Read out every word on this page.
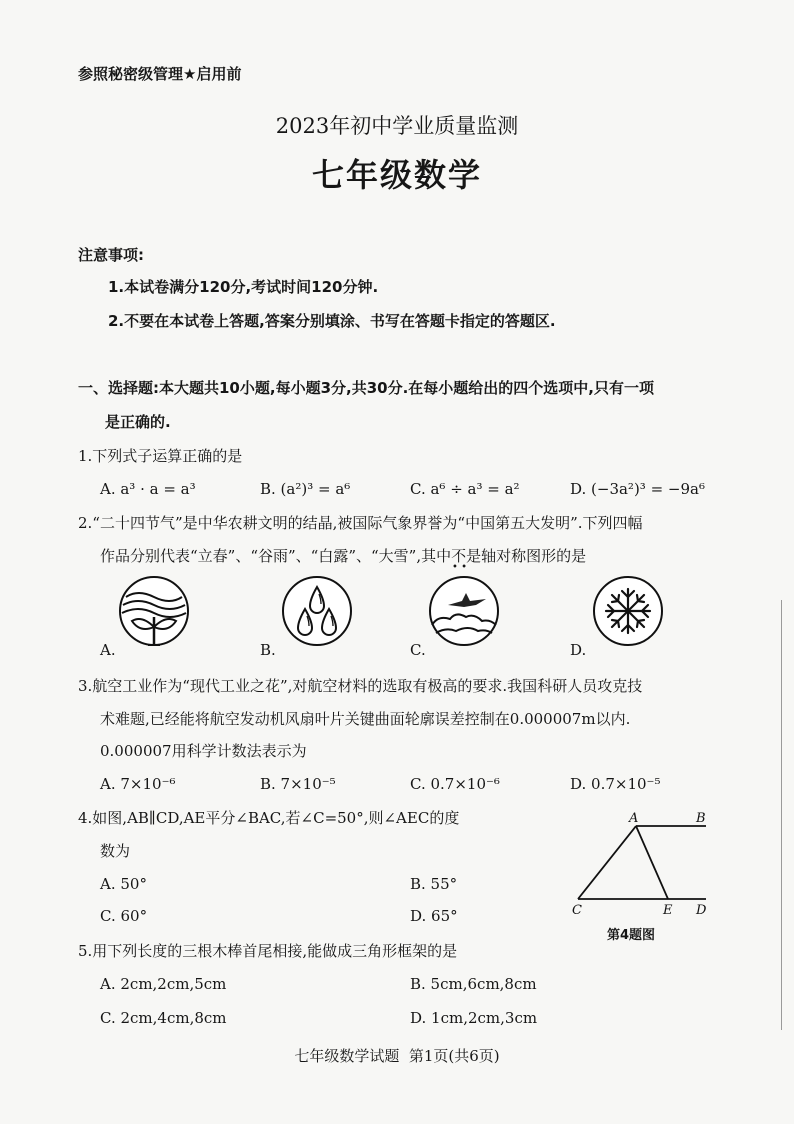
参照秘密级管理★启用前
2023年初中学业质量监测
七年级数学
注意事项:
1.本试卷满分120分,考试时间120分钟.
2.不要在本试卷上答题,答案分别填涂、书写在答题卡指定的答题区.
一、选择题:本大题共10小题,每小题3分,共30分.在每小题给出的四个选项中,只有一项
是正确的.
1.下列式子运算正确的是
A. a³ · a = a³	B. (a²)³ = a⁶	C. a⁶ ÷ a³ = a²	D. (−3a²)³ = −9a⁶
2.“二十四节气”是中华农耕文明的结晶,被国际气象界誉为“中国第五大发明”.下列四幅
作品分别代表“立春”、“谷雨”、“白露”、“大雪”,其中不是轴对称图形的是
• •
A.	B.	C.	D.
3.航空工业作为“现代工业之花”,对航空材料的选取有极高的要求.我国科研人员攻克技
术难题,已经能将航空发动机风扇叶片关键曲面轮廓误差控制在0.000007m以内.
0.000007用科学计数法表示为
A. 7×10⁻⁶	B. 7×10⁻⁵	C. 0.7×10⁻⁶	D. 0.7×10⁻⁵
4.如图,AB∥CD,AE平分∠BAC,若∠C=50°,则∠AEC的度
数为
A. 50°	B. 55°
C. 60°	D. 65°
A	B
C	E D
第4题图
5.用下列长度的三根木棒首尾相接,能做成三角形框架的是
A. 2cm,2cm,5cm	B. 5cm,6cm,8cm
C. 2cm,4cm,8cm	D. 1cm,2cm,3cm
七年级数学试题  第1页(共6页)
